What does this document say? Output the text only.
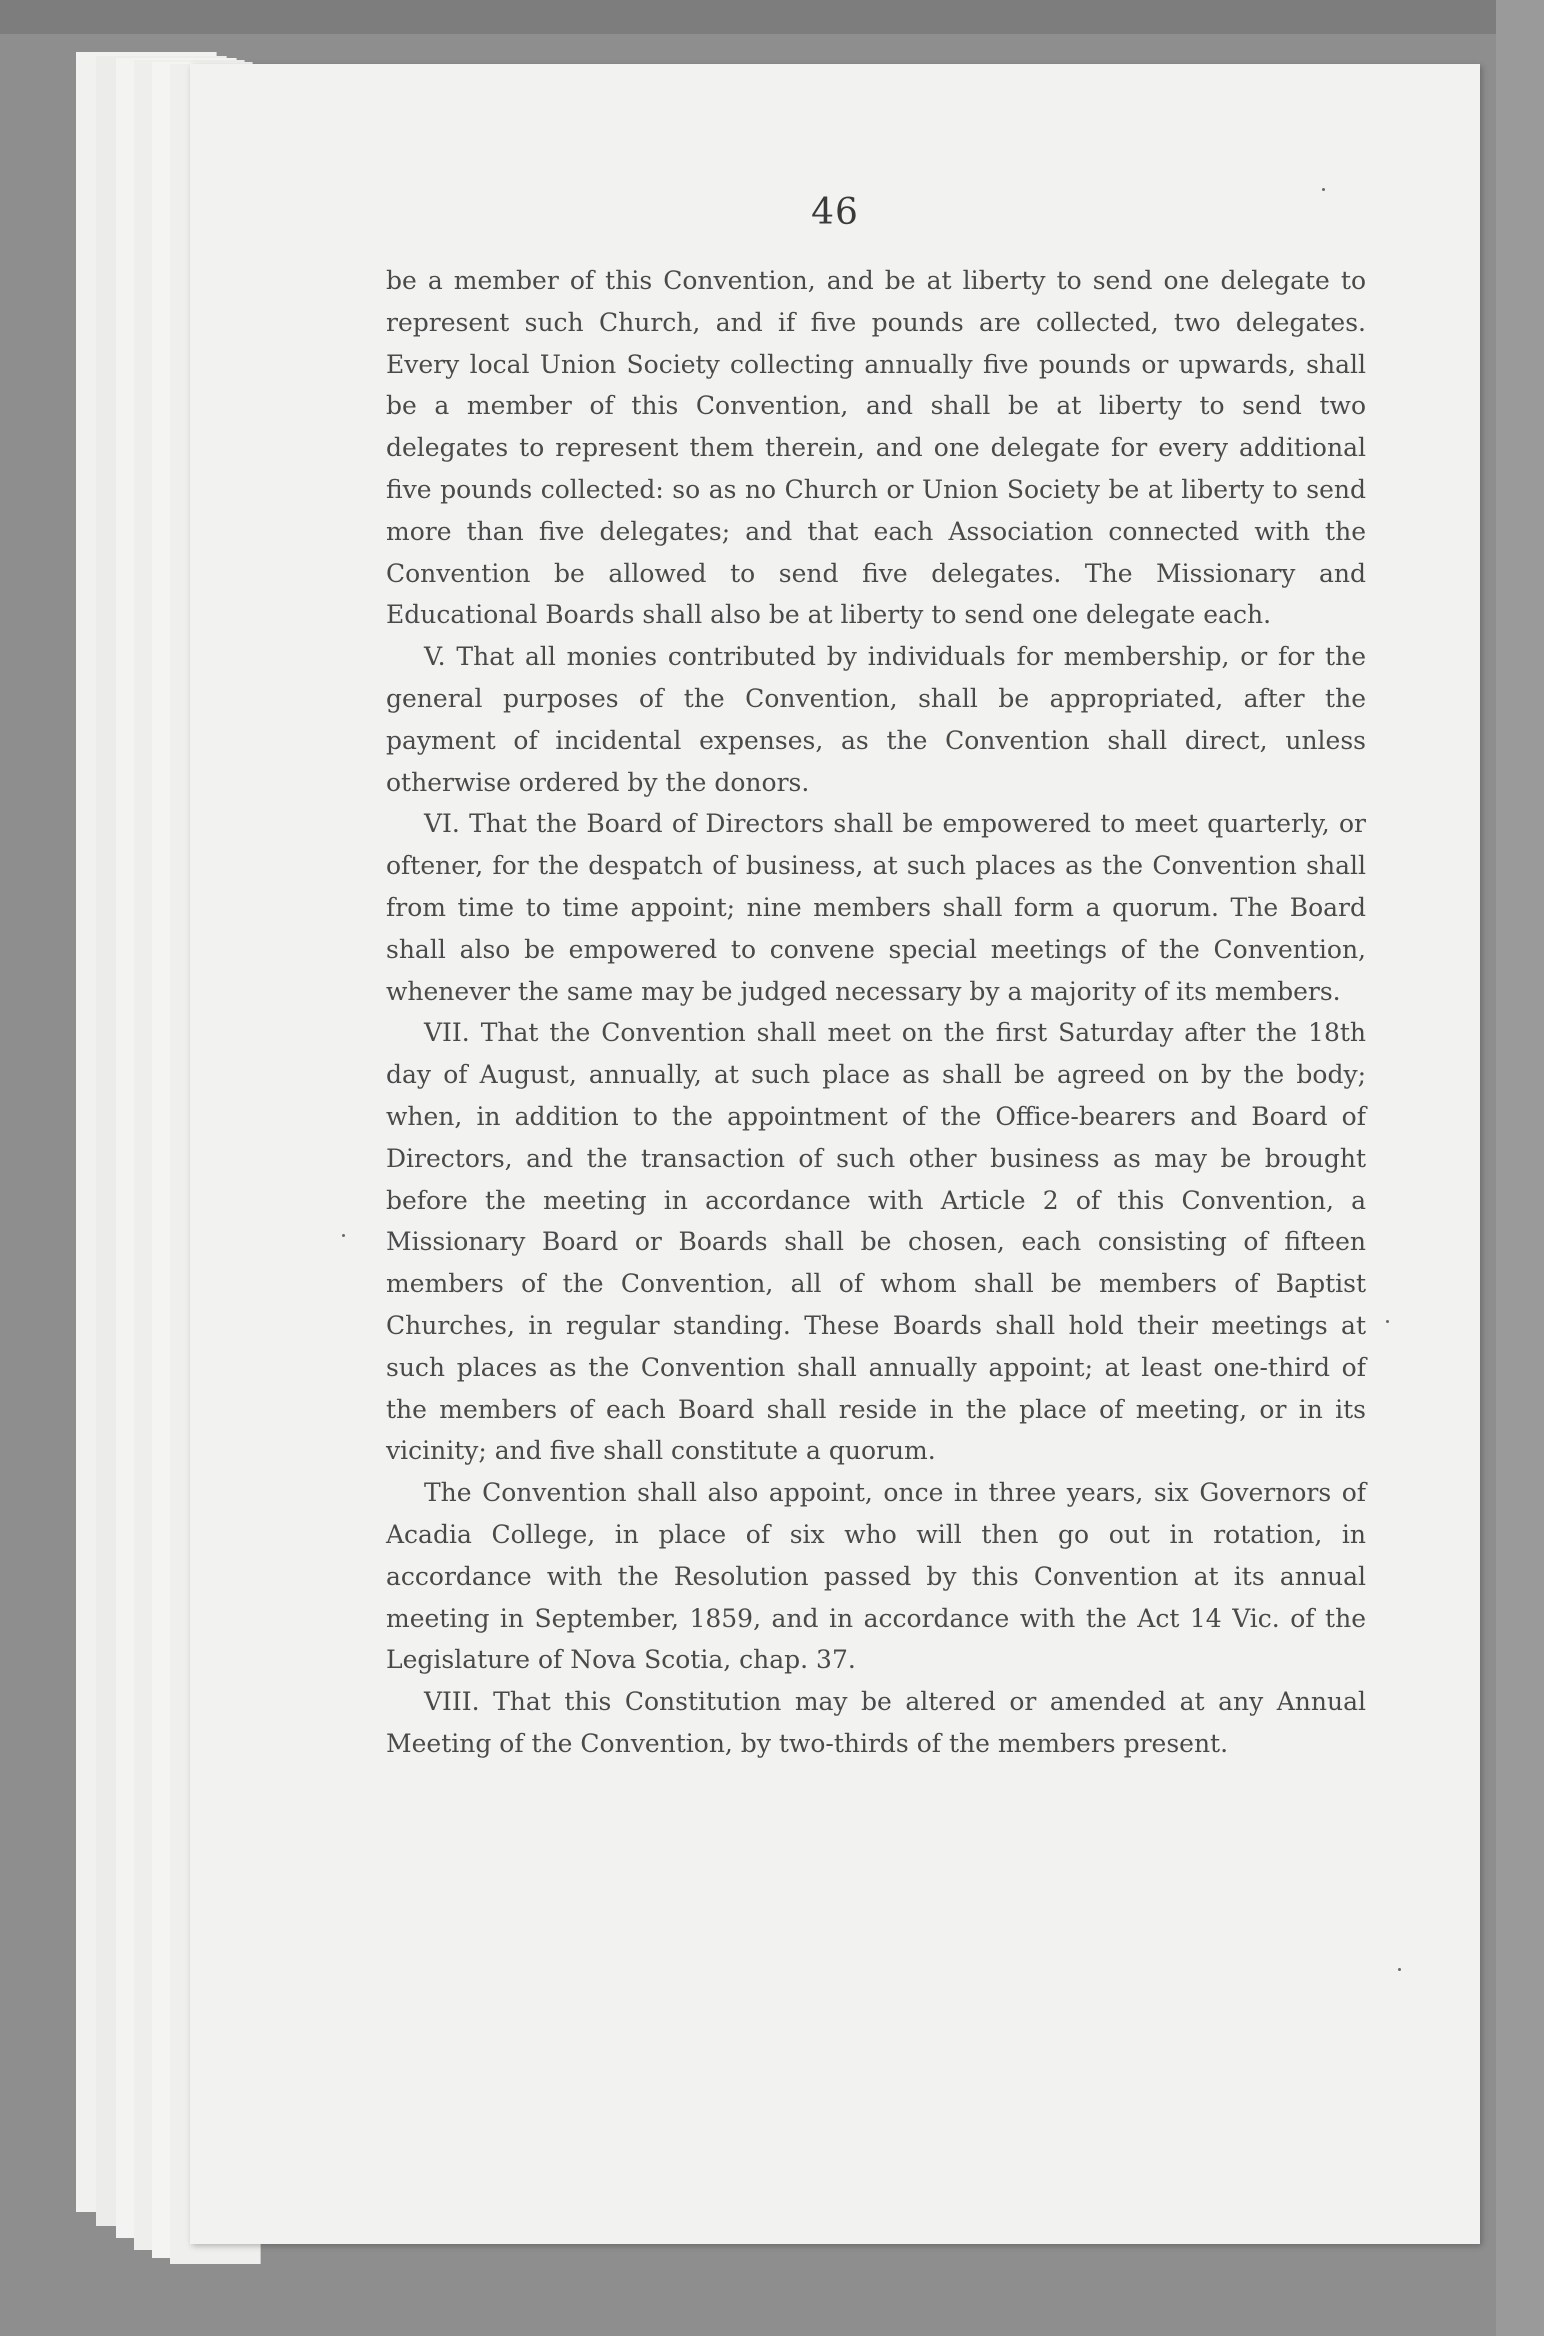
46

be a member of this Convention, and be at liberty to send one delegate to represent such Church, and if five pounds are collected, two delegates. Every local Union Society collecting annually five pounds or upwards, shall be a member of this Convention, and shall be at liberty to send two delegates to represent them therein, and one delegate for every additional five pounds collected: so as no Church or Union Society be at liberty to send more than five delegates; and that each Association connected with the Convention be allowed to send five delegates. The Missionary and Educational Boards shall also be at liberty to send one delegate each.

V. That all monies contributed by individuals for membership, or for the general purposes of the Convention, shall be appropriated, after the payment of incidental expenses, as the Convention shall direct, unless otherwise ordered by the donors.

VI. That the Board of Directors shall be empowered to meet quarterly, or oftener, for the despatch of business, at such places as the Convention shall from time to time appoint; nine members shall form a quorum. The Board shall also be empowered to convene special meetings of the Convention, whenever the same may be judged necessary by a majority of its members.

VII. That the Convention shall meet on the first Saturday after the 18th day of August, annually, at such place as shall be agreed on by the body; when, in addition to the appointment of the Office-bearers and Board of Directors, and the transaction of such other business as may be brought before the meeting in accordance with Article 2 of this Convention, a Missionary Board or Boards shall be chosen, each consisting of fifteen members of the Convention, all of whom shall be members of Baptist Churches, in regular standing. These Boards shall hold their meetings at such places as the Convention shall annually appoint; at least one-third of the members of each Board shall reside in the place of meeting, or in its vicinity; and five shall constitute a quorum.

The Convention shall also appoint, once in three years, six Governors of Acadia College, in place of six who will then go out in rotation, in accordance with the Resolution passed by this Convention at its annual meeting in September, 1859, and in accordance with the Act 14 Vic. of the Legislature of Nova Scotia, chap. 37.

VIII. That this Constitution may be altered or amended at any Annual Meeting of the Convention, by two-thirds of the members present.
